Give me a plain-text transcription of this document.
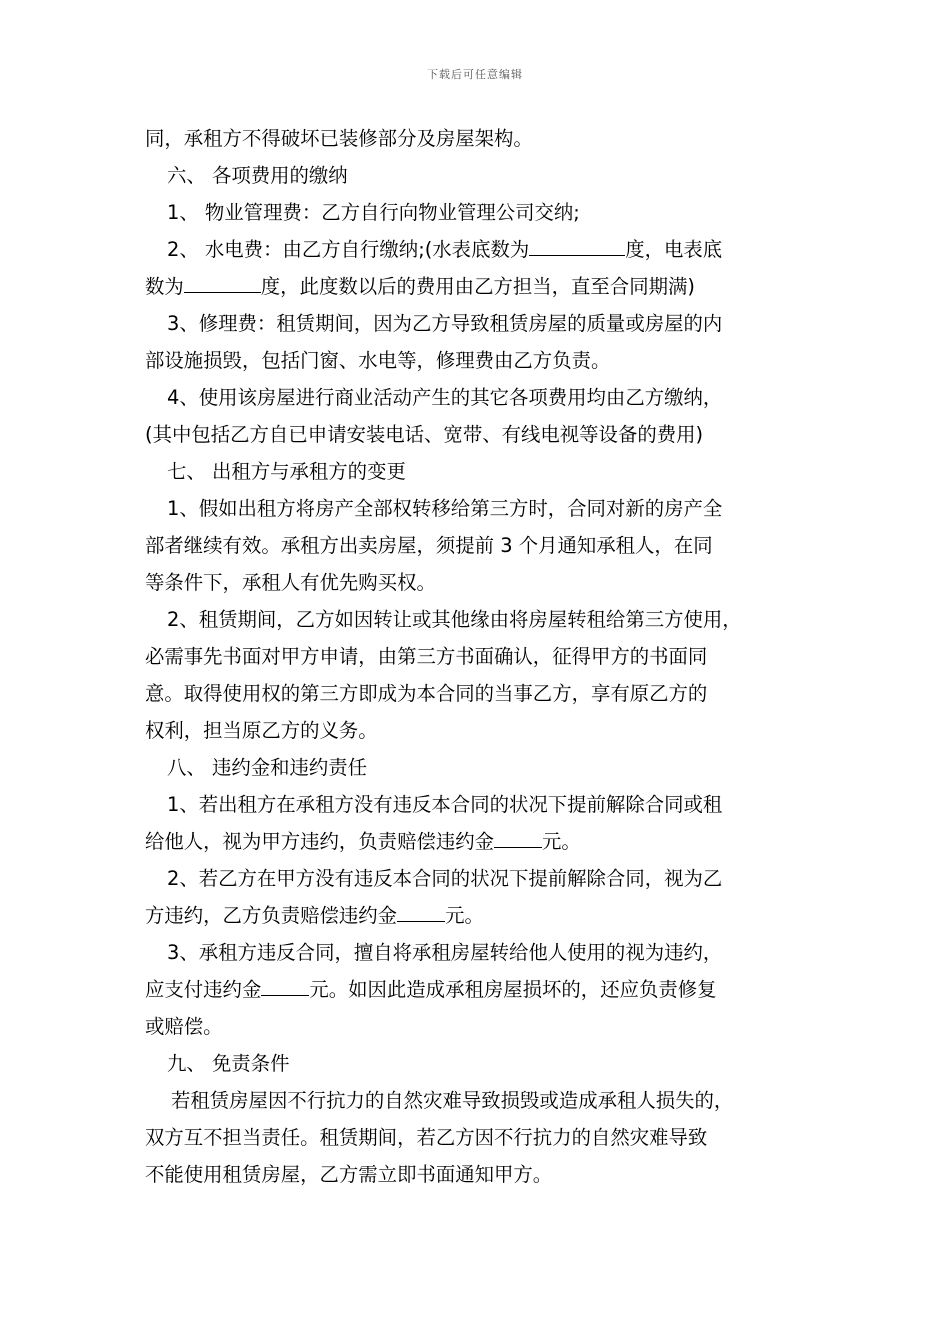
下载后可任意编辑
同，承租方不得破坏已装修部分及房屋架构。
六、 各项费用的缴纳
1、 物业管理费：乙方自行向物业管理公司交纳;
2、 水电费：由乙方自行缴纳;(水表底数为	度，电表底
数为	度，此度数以后的费用由乙方担当，直至合同期满)
3、修理费：租赁期间，因为乙方导致租赁房屋的质量或房屋的内
部设施损毁，包括门窗、水电等，修理费由乙方负责。
4、使用该房屋进行商业活动产生的其它各项费用均由乙方缴纳，
(其中包括乙方自已申请安装电话、宽带、有线电视等设备的费用)
七、 出租方与承租方的变更
1、假如出租方将房产全部权转移给第三方时，合同对新的房产全
部者继续有效。承租方出卖房屋，须提前 3 个月通知承租人，在同
等条件下，承租人有优先购买权。
2、租赁期间，乙方如因转让或其他缘由将房屋转租给第三方使用，
必需事先书面对甲方申请，由第三方书面确认，征得甲方的书面同
意。取得使用权的第三方即成为本合同的当事乙方，享有原乙方的
权利，担当原乙方的义务。
八、 违约金和违约责任
1、若出租方在承租方没有违反本合同的状况下提前解除合同或租
给他人，视为甲方违约，负责赔偿违约金 元。
2、若乙方在甲方没有违反本合同的状况下提前解除合同，视为乙
方违约，乙方负责赔偿违约金 元。
3、承租方违反合同，擅自将承租房屋转给他人使用的视为违约，
应支付违约金 元。如因此造成承租房屋损坏的，还应负责修复
或赔偿。
九、 免责条件
若租赁房屋因不行抗力的自然灾难导致损毁或造成承租人损失的，
双方互不担当责任。租赁期间，若乙方因不行抗力的自然灾难导致
不能使用租赁房屋，乙方需立即书面通知甲方。
